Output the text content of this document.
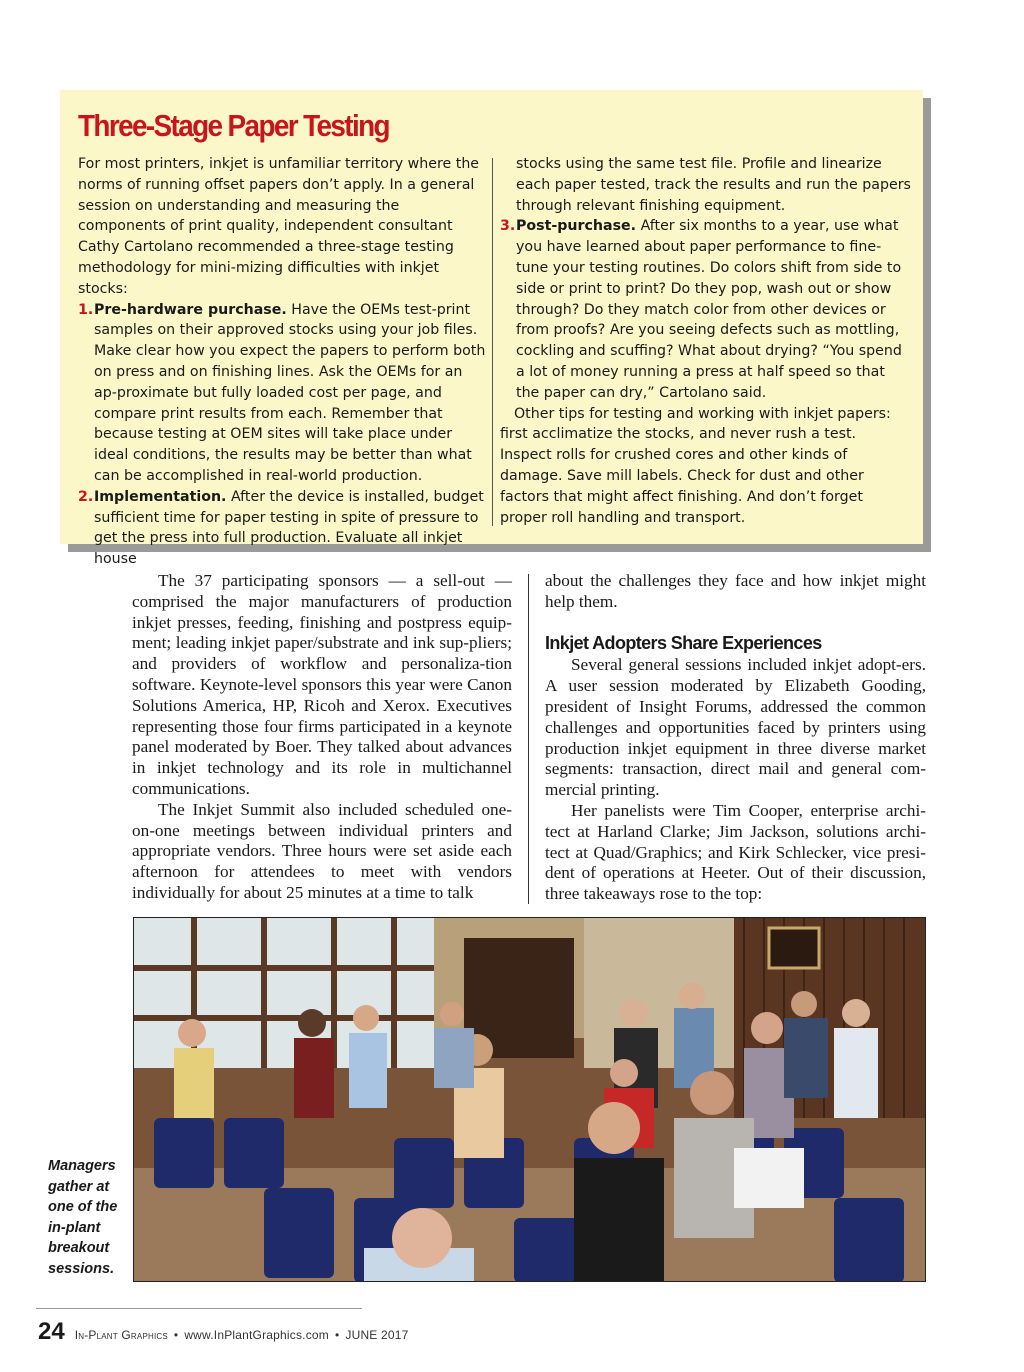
Three-Stage Paper Testing

For most printers, inkjet is unfamiliar territory where the norms of running offset papers don’t apply. In a general session on understanding and measuring the components of print quality, independent consultant Cathy Cartolano recommended a three-stage testing methodology for mini-mizing difficulties with inkjet stocks:

1. Pre-hardware purchase. Have the OEMs test-print samples on their approved stocks using your job files. Make clear how you expect the papers to perform both on press and on finishing lines. Ask the OEMs for an ap-proximate but fully loaded cost per page, and compare print results from each. Remember that because testing at OEM sites will take place under ideal conditions, the results may be better than what can be accomplished in real-world production.
2. Implementation. After the device is installed, budget sufficient time for paper testing in spite of pressure to get the press into full production. Evaluate all inkjet house
stocks using the same test file. Profile and linearize each paper tested, track the results and run the papers through relevant finishing equipment.
3. Post-purchase. After six months to a year, use what you have learned about paper performance to fine-tune your testing routines. Do colors shift from side to side or print to print? Do they pop, wash out or show through? Do they match color from other devices or from proofs? Are you seeing defects such as mottling, cockling and scuffing? What about drying? “You spend a lot of money running a press at half speed so that the paper can dry,” Cartolano said.

Other tips for testing and working with inkjet papers: first acclimatize the stocks, and never rush a test. Inspect rolls for crushed cores and other kinds of damage. Save mill labels. Check for dust and other factors that might affect finishing. And don’t forget proper roll handling and transport.

The 37 participating sponsors — a sell-out — comprised the major manufacturers of production inkjet presses, feeding, finishing and postpress equip-ment; leading inkjet paper/substrate and ink sup-pliers; and providers of workflow and personaliza-tion software. Keynote-level sponsors this year were Canon Solutions America, HP, Ricoh and Xerox. Executives representing those four firms participated in a keynote panel moderated by Boer. They talked about advances in inkjet technology and its role in multichannel communications.

The Inkjet Summit also included scheduled one-on-one meetings between individual printers and appropriate vendors. Three hours were set aside each afternoon for attendees to meet with vendors individually for about 25 minutes at a time to talk

about the challenges they face and how inkjet might help them.

Inkjet Adopters Share Experiences

Several general sessions included inkjet adopt-ers. A user session moderated by Elizabeth Gooding, president of Insight Forums, addressed the common challenges and opportunities faced by printers using production inkjet equipment in three diverse market segments: transaction, direct mail and general com-mercial printing.

Her panelists were Tim Cooper, enterprise archi-tect at Harland Clarke; Jim Jackson, solutions archi-tect at Quad/Graphics; and Kirk Schlecker, vice presi-dent of operations at Heeter. Out of their discussion, three takeaways rose to the top:

Managers gather at one of the in-plant breakout sessions.
24 In-Plant Graphics • www.InPlantGraphics.com • JUNE 2017
